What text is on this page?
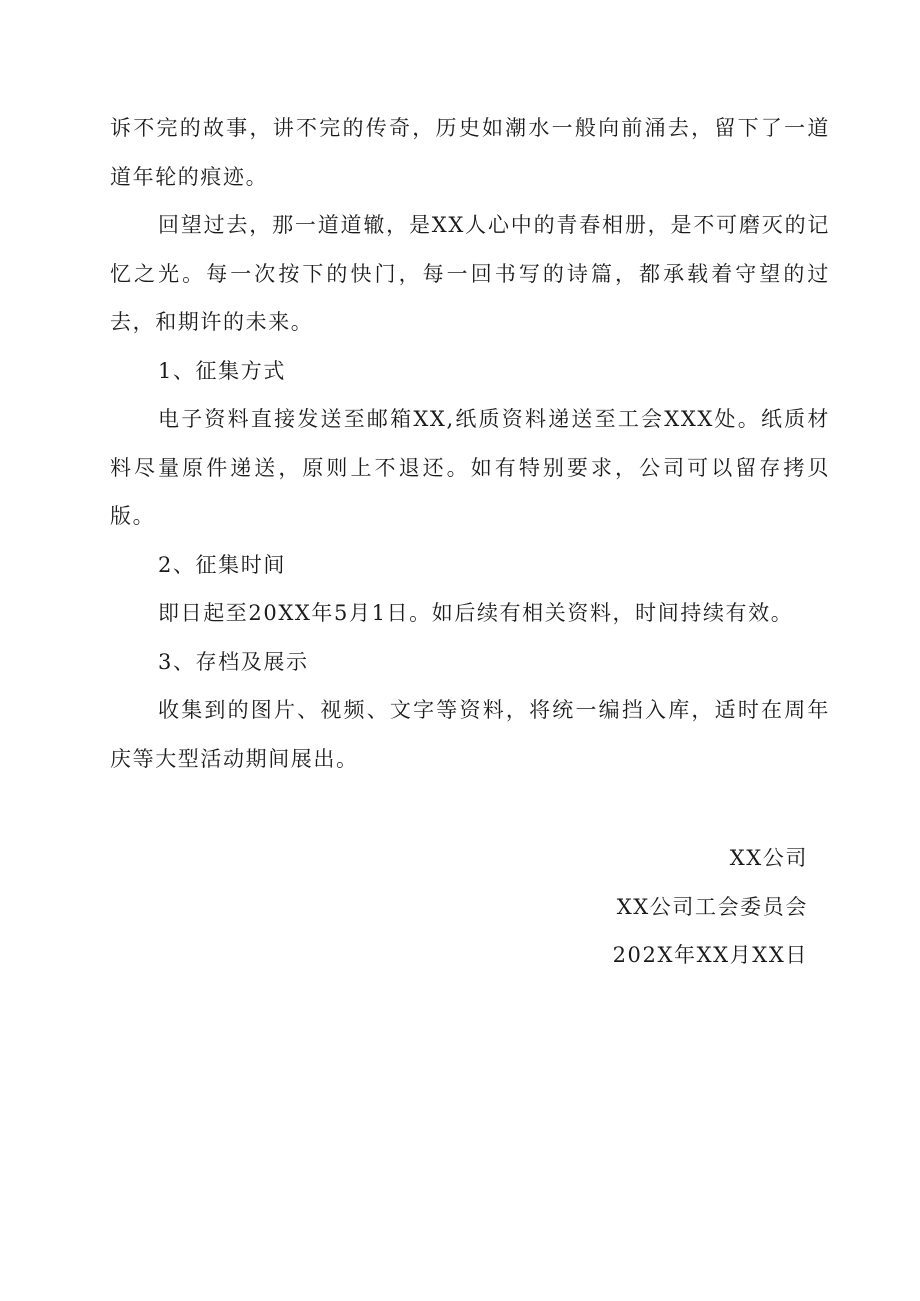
诉不完的故事，讲不完的传奇，历史如潮水一般向前涌去，留下了一道道年轮的痕迹。

回望过去，那一道道辙，是XX人心中的青春相册，是不可磨灭的记忆之光。每一次按下的快门，每一回书写的诗篇，都承载着守望的过去，和期许的未来。

1、征集方式

电子资料直接发送至邮箱XX,纸质资料递送至工会XXX处。纸质材料尽量原件递送，原则上不退还。如有特别要求，公司可以留存拷贝版。

2、征集时间

即日起至20XX年5月1日。如后续有相关资料，时间持续有效。

3、存档及展示

收集到的图片、视频、文字等资料，将统一编挡入库，适时在周年庆等大型活动期间展出。

XX公司

XX公司工会委员会

202X年XX月XX日
